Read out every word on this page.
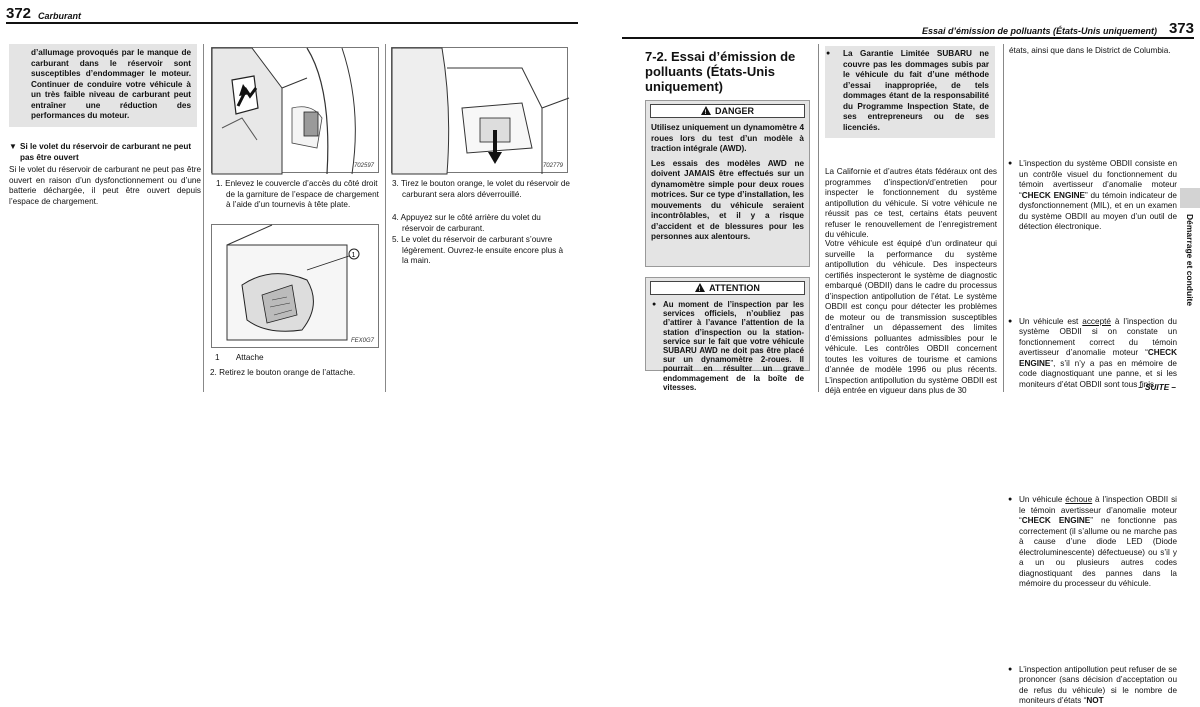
372 Carburant
d’allumage provoqués par le manque de carburant dans le réservoir sont susceptibles d’endommager le moteur. Continuer de conduire votre véhicule à un très faible niveau de carburant peut entraîner une réduction des performances du moteur.
▼ Si le volet du réservoir de carburant ne peut pas être ouvert
Si le volet du réservoir de carburant ne peut pas être ouvert en raison d’un dysfonctionnement ou d’une batterie déchargée, il peut être ouvert depuis l’espace de chargement.
702597
1. Enlevez le couvercle d’accès du côté droit de la garniture de l’espace de chargement à l’aide d’un tournevis à tête plate.
1
FEX0G7
1 Attache
2. Retirez le bouton orange de l’attache.
702779
3. Tirez le bouton orange, le volet du réservoir de carburant sera alors déverrouillé.
4. Appuyez sur le côté arrière du volet du réservoir de carburant.
5. Le volet du réservoir de carburant s’ouvre légèrement. Ouvrez-le ensuite encore plus à la main.
Essai d’émission de polluants (États-Unis uniquement) 373
7-2. Essai d’émission de polluants (États-Unis uniquement)
!DANGER
Utilisez uniquement un dynamomètre 4 roues lors du test d’un modèle à traction intégrale (AWD).
Les essais des modèles AWD ne doivent JAMAIS être effectués sur un dynamomètre simple pour deux roues motrices. Sur ce type d’installation, les mouvements du véhicule seraient incontrôlables, et il y a risque d’accident et de blessures pour les personnes aux alentours.
!ATTENTION
● Au moment de l’inspection par les services officiels, n’oubliez pas d’attirer à l’avance l’attention de la station d’inspection ou la station-service sur le fait que votre véhicule SUBARU AWD ne doit pas être placé sur un dynamomètre 2-roues. Il pourrait en résulter un grave endommagement de la boîte de vitesses.
● La Garantie Limitée SUBARU ne couvre pas les dommages subis par le véhicule du fait d’une méthode d’essai inappropriée, de tels dommages étant de la responsabilité du Programme Inspection State, de ses entrepreneurs ou de ses licenciés.
La Californie et d’autres états fédéraux ont des programmes d’inspection/d’entretien pour inspecter le fonctionnement du système antipollution du véhicule. Si votre véhicule ne réussit pas ce test, certains états peuvent refuser le renouvellement de l’enregistrement du véhicule.
Votre véhicule est équipé d’un ordinateur qui surveille la performance du système antipollution du véhicule. Des inspecteurs certifiés inspecteront le système de diagnostic embarqué (OBDII) dans le cadre du processus d’inspection antipollution de l’état. Le système OBDII est conçu pour détecter les problèmes de moteur ou de transmission susceptibles d’entraîner un dépassement des limites d’émissions polluantes admissibles pour le véhicule. Les contrôles OBDII concernent toutes les voitures de tourisme et camions d’année de modèle 1996 ou plus récents. L’inspection antipollution du système OBDII est déjà entrée en vigueur dans plus de 30
états, ainsi que dans le District de Columbia.
● L’inspection du système OBDII consiste en un contrôle visuel du fonctionnement du témoin avertisseur d’anomalie moteur “CHECK ENGINE” du témoin indicateur de dysfonctionnement (MIL), et en un examen du système OBDII au moyen d’un outil de détection électronique.
● Un véhicule est accepté à l’inspection du système OBDII si on constate un fonctionnement correct du témoin avertisseur d’anomalie moteur “CHECK ENGINE”, s’il n’y a pas en mémoire de code diagnostiquant une panne, et si les moniteurs d’état OBDII sont tous finis.
● Un véhicule échoue à l’inspection OBDII si le témoin avertisseur d’anomalie moteur “CHECK ENGINE” ne fonctionne pas correctement (il s’allume ou ne marche pas à cause d’une diode LED (Diode électroluminescente) défectueuse) ou s’il y a un ou plusieurs autres codes diagnostiquant des pannes dans la mémoire du processeur du véhicule.
● L’inspection antipollution peut refuser de se prononcer (sans décision d’acceptation ou de refus du véhicule) si le nombre de moniteurs d’états “NOT
– SUITE –
Démarrage et conduite
